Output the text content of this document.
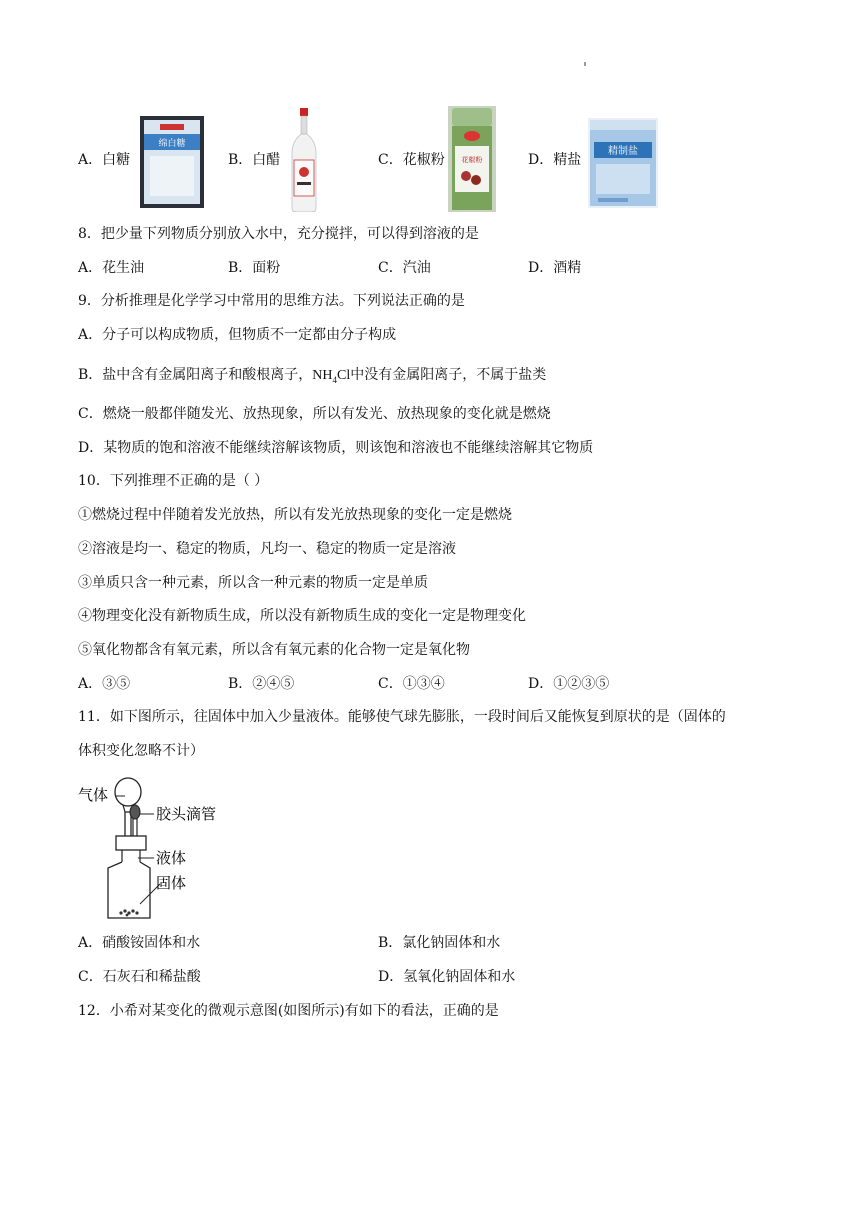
A．白糖
绵白糖
B．白醋	C．花椒粉 花椒粉	D．精盐
精制盐
8．把少量下列物质分别放入水中，充分搅拌，可以得到溶液的是
A．花生油	B．面粉	C．汽油	D．酒精
9．分析推理是化学学习中常用的思维方法。下列说法正确的是
A．分子可以构成物质，但物质不一定都由分子构成
B．盐中含有金属阳离子和酸根离子，$NH_4Cl$中没有金属阳离子，不属于盐类
C．燃烧一般都伴随发光、放热现象，所以有发光、放热现象的变化就是燃烧
D．某物质的饱和溶液不能继续溶解该物质，则该饱和溶液也不能继续溶解其它物质
10．下列推理不正确的是（ ）
①燃烧过程中伴随着发光放热，所以有发光放热现象的变化一定是燃烧
②溶液是均一、稳定的物质，凡均一、稳定的物质一定是溶液
③单质只含一种元素，所以含一种元素的物质一定是单质
④物理变化没有新物质生成，所以没有新物质生成的变化一定是物理变化
⑤氧化物都含有氧元素，所以含有氧元素的化合物一定是氧化物
A．③⑤	B．②④⑤	C．①③④	D．①②③⑤
11．如下图所示，往固体中加入少量液体。能够使气球先膨胀，一段时间后又能恢复到原状的是（固体的
体积变化忽略不计）
气体
胶头滴管
液体
固体
A．硝酸铵固体和水	B．氯化钠固体和水
C．石灰石和稀盐酸	D．氢氧化钠固体和水
12．小希对某变化的微观示意图(如图所示)有如下的看法，正确的是
